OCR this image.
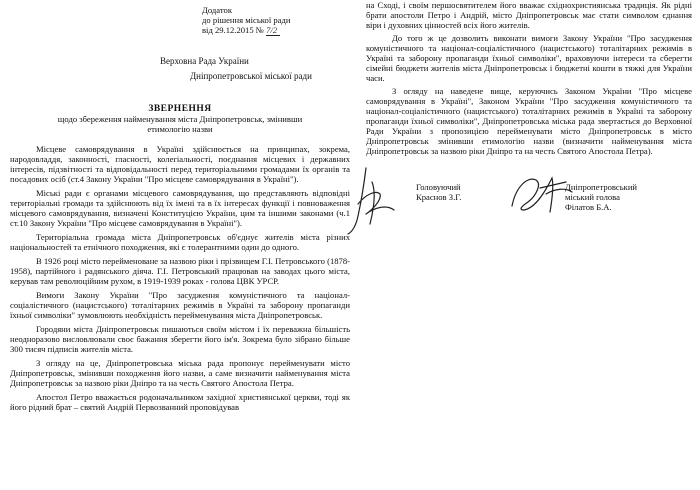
Додаток
до рішення міської ради
від 29.12.2015 № 7/2
Верховна Рада України
Дніпропетровської міської ради
ЗВЕРНЕННЯ
щодо збереження найменування міста Дніпропетровськ, змінивши
етимологію назви

Місцеве самоврядування в Україні здійснюється на принципах, зокрема, народовладдя, законності, гласності, колегіальності, поєднання місцевих і державних інтересів, підзвітності та відповідальності перед територіальними громадами їх органів та посадових осіб (ст.4 Закону України "Про місцеве самоврядування в Україні").

Міські ради є органами місцевого самоврядування, що представляють відповідні територіальні громади та здійснюють від їх імені та в їх інтересах функції і повноваження місцевого самоврядування, визначені Конституцією України, цим та іншими законами (ч.1 ст.10 Закону України "Про місцеве самоврядування в Україні").

Територіальна громада міста Дніпропетровськ об'єднує жителів міста різних національностей та етнічного походження, які є толерантними один до одного.

В 1926 році місто перейменоване за назвою ріки і прізвищем Г.І. Петровського (1878-1958), партійного і радянського діяча. Г.І. Петровський працював на заводах цього міста, керував там революційним рухом, в 1919-1939 роках - голова ЦВК УРСР.

Вимоги Закону України "Про засудження комуністичного та націонал-соціалістичного (нацистського) тоталітарних режимів в Україні та заборону пропаганди їхньої символіки" зумовлюють необхідність перейменування міста Дніпропетровськ.

Городяни міста Дніпропетровськ пишаються своїм містом і їх переважна більшість неодноразово висловлювали своє бажання зберегти його ім'я. Зокрема було зібрано більше 300 тисяч підписів жителів міста.

З огляду на це, Дніпропетровська міська рада пропонує перейменувати місто Дніпропетровськ, змінивши походження його назви, а саме визначити найменування міста Дніпропетровськ за назвою ріки Дніпро та на честь Святого Апостола Петра.

Апостол Петро вважається родоначальником західної християнської церкви, тоді як його рідний брат – святий Андрій Первозванний проповідував

на Сході, і своїм першосвятителем його вважає східнохристиянська традиція. Як рідні брати апостоли Петро і Андрій, місто Дніпропетровськ має стати символом єднання віри і духовних цінностей всіх його жителів.

До того ж це дозволить виконати вимоги Закону України "Про засудження комуністичного та націонал-соціалістичного (нацистського) тоталітарних режимів в Україні та заборону пропаганди їхньої символіки", враховуючи інтереси та сберегти сімейні бюджети жителів міста Дніпропетровськ і бюджетні кошти в тяжкі для України часи.

З огляду на наведене вище, керуючись Законом України "Про місцеве самоврядування в Україні", Законом України "Про засудження комуністичного та націонал-соціалістичного (нацистського) тоталітарних режимів в Україні та заборону пропаганди їхньої символіки", Дніпропетровська міська рада звертається до Верховної Ради України з пропозицією перейменувати місто Дніпропетровськ в місто Дніпропетровськ змінивши етимологію назви (визначити найменування міста Дніпропетровськ за назвою ріки Дніпро та на честь Святого Апостола Петра).

Головуючий
Краснов З.Г.
Дніпропетровський
міський голова
Філатов Б.А.
